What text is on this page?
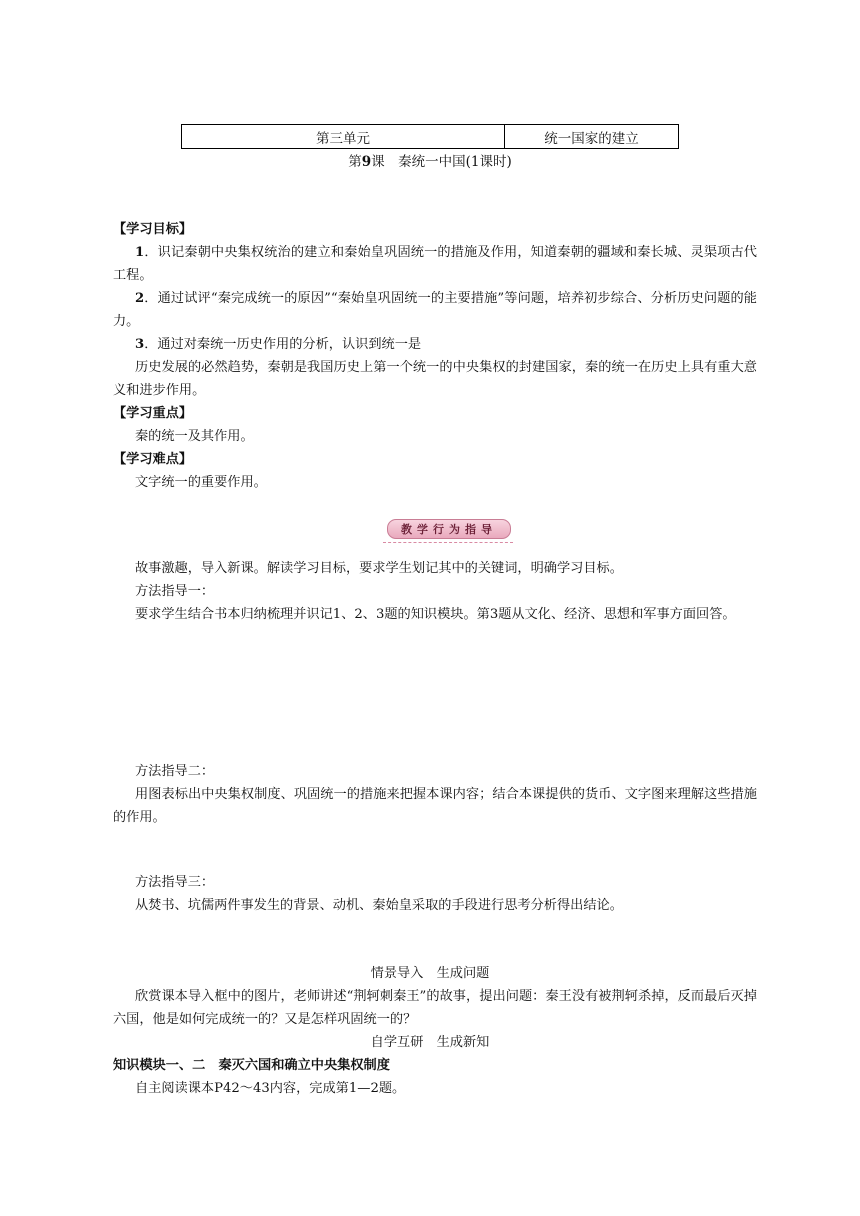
第三单元	统一国家的建立
第9课　秦统一中国(1课时)
【学习目标】
1．识记秦朝中央集权统治的建立和秦始皇巩固统一的措施及作用，知道秦朝的疆域和秦长城、灵渠项古代工程。
2．通过试评“秦完成统一的原因”“秦始皇巩固统一的主要措施”等问题，培养初步综合、分析历史问题的能力。
3．通过对秦统一历史作用的分析，认识到统一是
历史发展的必然趋势，秦朝是我国历史上第一个统一的中央集权的封建国家，秦的统一在历史上具有重大意义和进步作用。
【学习重点】
秦的统一及其作用。
【学习难点】
文字统一的重要作用。
教学行为指导
故事激趣，导入新课。解读学习目标，要求学生划记其中的关键词，明确学习目标。
方法指导一：
要求学生结合书本归纳梳理并识记1、2、3题的知识模块。第3题从文化、经济、思想和军事方面回答。
方法指导二：
用图表标出中央集权制度、巩固统一的措施来把握本课内容；结合本课提供的货币、文字图来理解这些措施的作用。
方法指导三：
从焚书、坑儒两件事发生的背景、动机、秦始皇采取的手段进行思考分析得出结论。
情景导入　生成问题
欣赏课本导入框中的图片，老师讲述“荆轲刺秦王”的故事，提出问题：秦王没有被荆轲杀掉，反而最后灭掉六国，他是如何完成统一的？又是怎样巩固统一的？
自学互研　生成新知
知识模块一、二　秦灭六国和确立中央集权制度
自主阅读课本P42～43内容，完成第1—2题。
